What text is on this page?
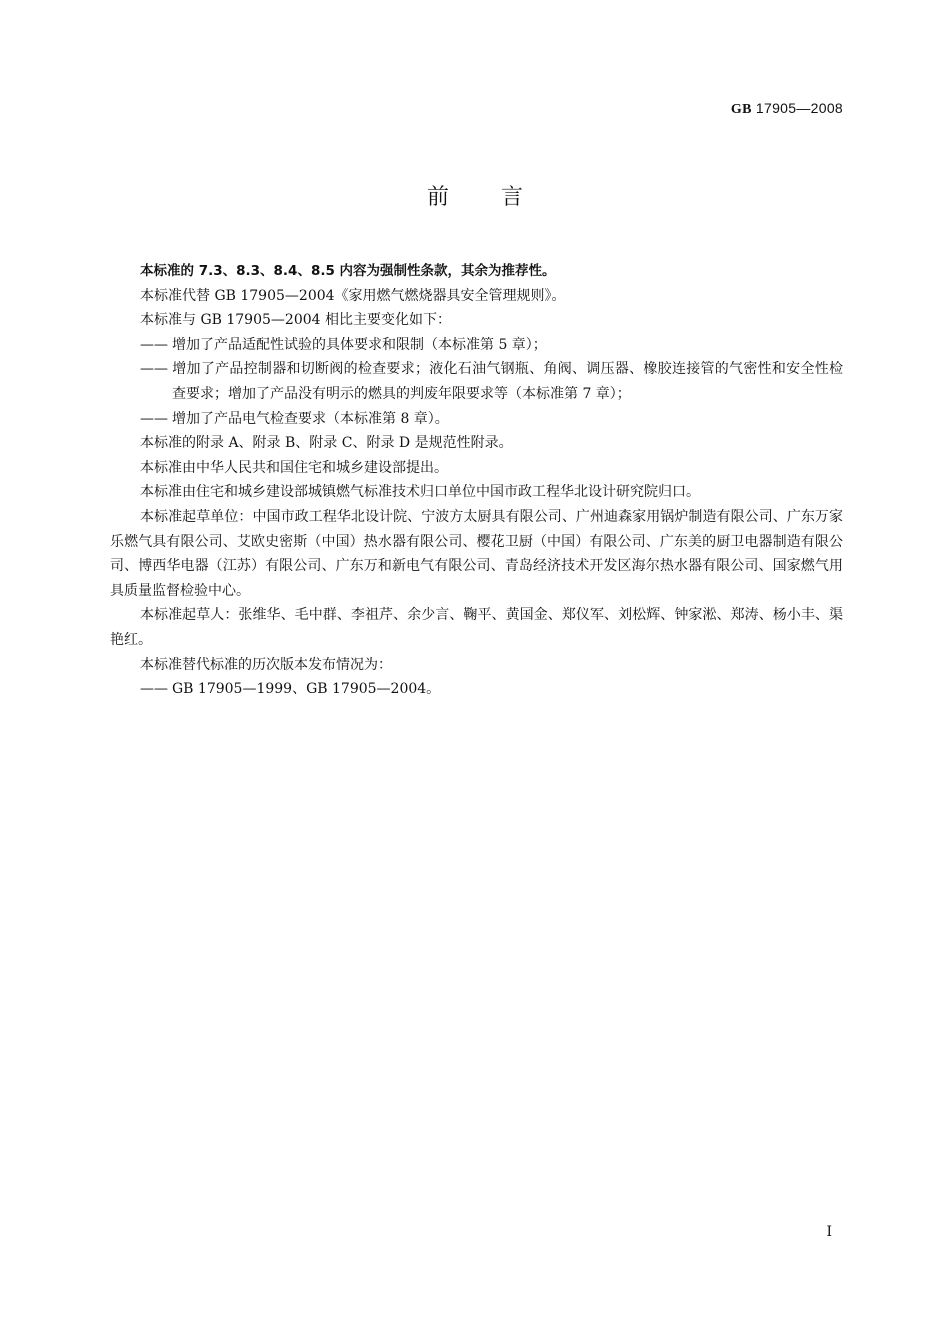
GB 17905—2008
前 言

本标准的 7.3、8.3、8.4、8.5 内容为强制性条款，其余为推荐性。

本标准代替 GB 17905—2004《家用燃气燃烧器具安全管理规则》。

本标准与 GB 17905—2004 相比主要变化如下：

—— 增加了产品适配性试验的具体要求和限制（本标准第 5 章）；

—— 增加了产品控制器和切断阀的检查要求；液化石油气钢瓶、角阀、调压器、橡胶连接管的气密性和安全性检查要求；增加了产品没有明示的燃具的判废年限要求等（本标准第 7 章）；

—— 增加了产品电气检查要求（本标准第 8 章）。

本标准的附录 A、附录 B、附录 C、附录 D 是规范性附录。

本标准由中华人民共和国住宅和城乡建设部提出。

本标准由住宅和城乡建设部城镇燃气标准技术归口单位中国市政工程华北设计研究院归口。

本标准起草单位：中国市政工程华北设计院、宁波方太厨具有限公司、广州迪森家用锅炉制造有限公司、广东万家乐燃气具有限公司、艾欧史密斯（中国）热水器有限公司、樱花卫厨（中国）有限公司、广东美的厨卫电器制造有限公司、博西华电器（江苏）有限公司、广东万和新电气有限公司、青岛经济技术开发区海尔热水器有限公司、国家燃气用具质量监督检验中心。

本标准起草人：张维华、毛中群、李祖芹、余少言、鞠平、黄国金、郑仪军、刘松辉、钟家淞、郑涛、杨小丰、渠艳红。

本标准替代标准的历次版本发布情况为：

—— GB 17905—1999、GB 17905—2004。

I
